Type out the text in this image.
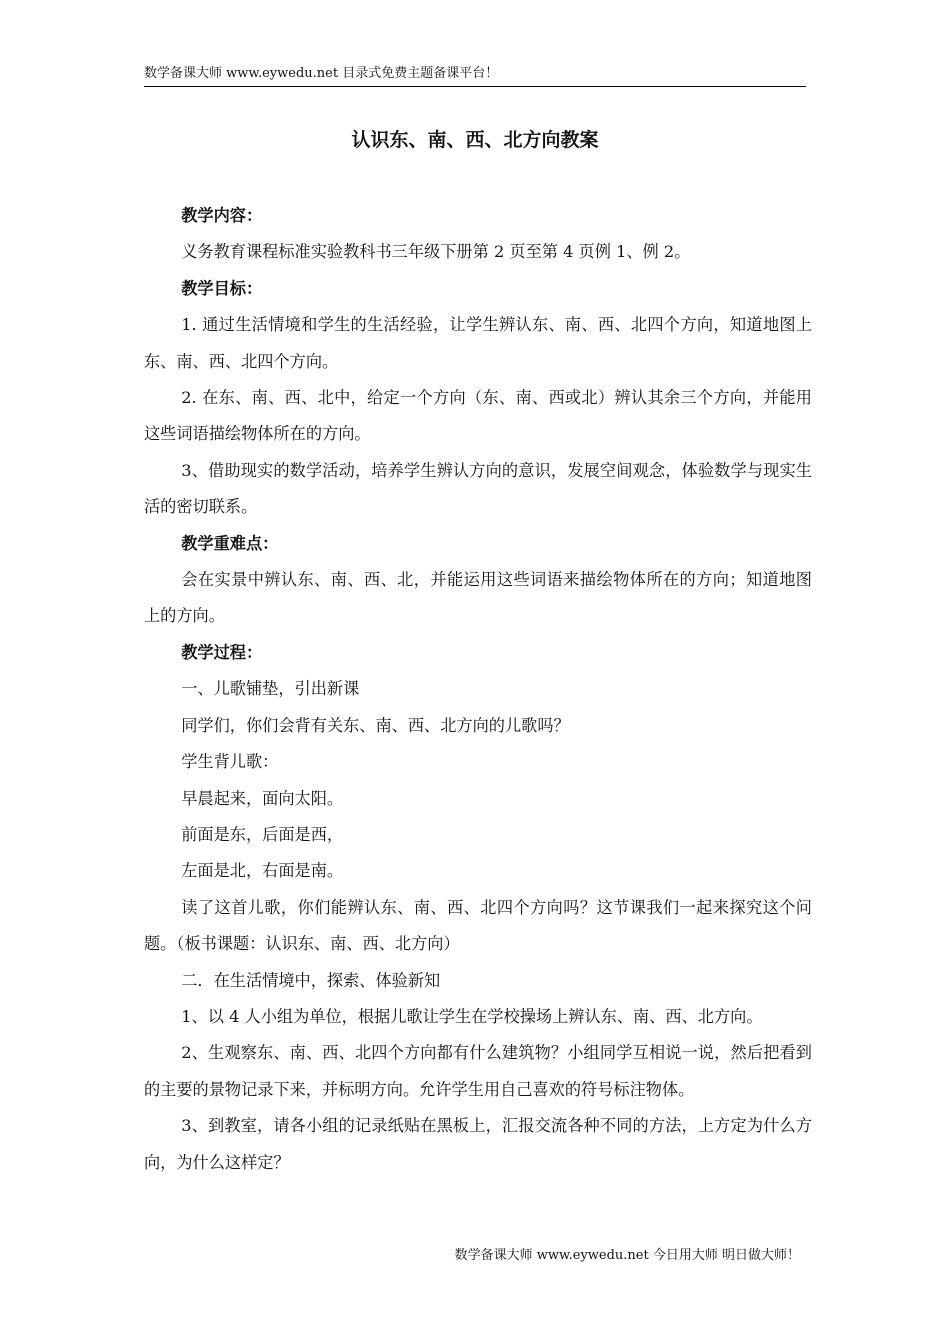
数学备课大师 www.eywedu.net 目录式免费主题备课平台！
认识东、南、西、北方向教案

教学内容：

义务教育课程标准实验教科书三年级下册第 2 页至第 4 页例 1、例 2。

教学目标：

1. 通过生活情境和学生的生活经验，让学生辨认东、南、西、北四个方向，知道地图上东、南、西、北四个方向。

2. 在东、南、西、北中，给定一个方向（东、南、西或北）辨认其余三个方向，并能用这些词语描绘物体所在的方向。

3、借助现实的数学活动，培养学生辨认方向的意识，发展空间观念，体验数学与现实生活的密切联系。

教学重难点：

会在实景中辨认东、南、西、北，并能运用这些词语来描绘物体所在的方向；知道地图上的方向。

教学过程：

一、儿歌铺垫，引出新课

同学们，你们会背有关东、南、西、北方向的儿歌吗？

学生背儿歌：

早晨起来，面向太阳。

前面是东，后面是西，

左面是北，右面是南。

读了这首儿歌，你们能辨认东、南、西、北四个方向吗？这节课我们一起来探究这个问题。（板书课题：认识东、南、西、北方向）

二．在生活情境中，探索、体验新知

1、以 4 人小组为单位，根据儿歌让学生在学校操场上辨认东、南、西、北方向。

2、生观察东、南、西、北四个方向都有什么建筑物？小组同学互相说一说，然后把看到的主要的景物记录下来，并标明方向。允许学生用自己喜欢的符号标注物体。

3、到教室，请各小组的记录纸贴在黑板上，汇报交流各种不同的方法，上方定为什么方向，为什么这样定？

数学备课大师 www.eywedu.net 今日用大师 明日做大师！
